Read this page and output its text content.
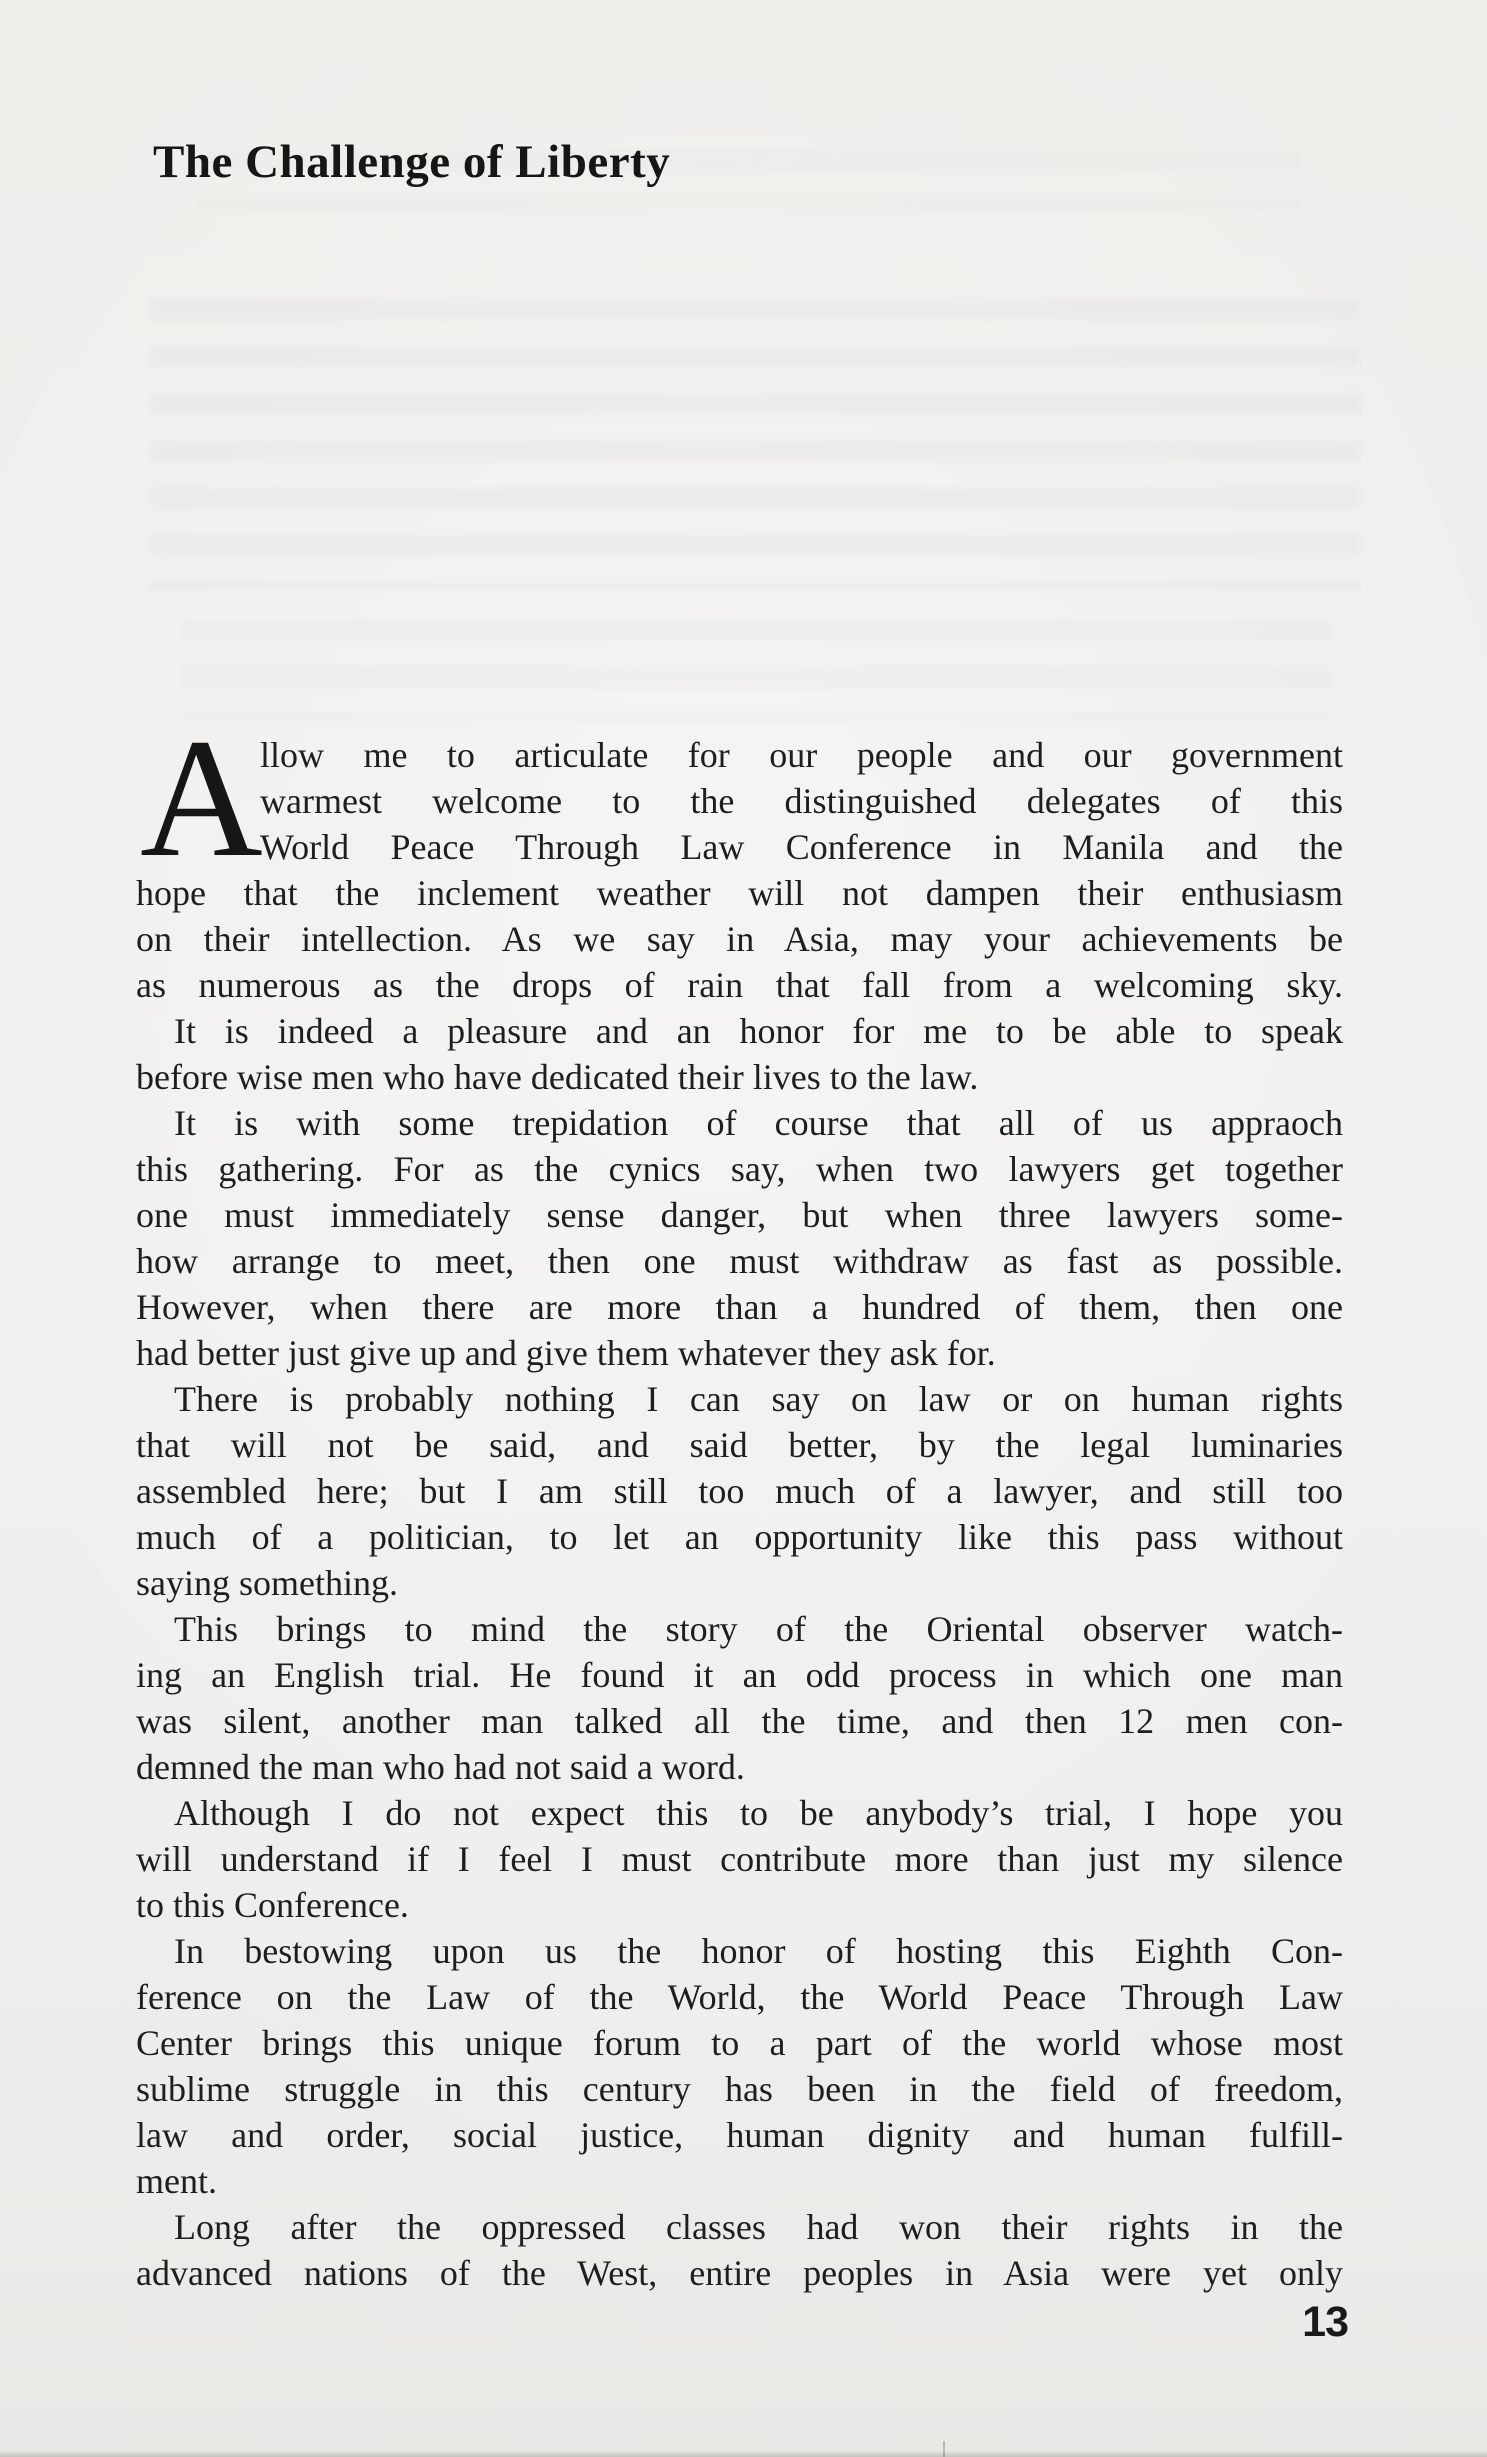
The Challenge of Liberty
A
llow me to articulate for our people and our government
warmest welcome to the distinguished delegates of this
World Peace Through Law Conference in Manila and the
hope that the inclement weather will not dampen their enthusiasm
on their intellection. As we say in Asia, may your achievements be
as numerous as the drops of rain that fall from a welcoming sky.
It is indeed a pleasure and an honor for me to be able to speak
before wise men who have dedicated their lives to the law.
It is with some trepidation of course that all of us appraoch
this gathering. For as the cynics say, when two lawyers get together
one must immediately sense danger, but when three lawyers some-
how arrange to meet, then one must withdraw as fast as possible.
However, when there are more than a hundred of them, then one
had better just give up and give them whatever they ask for.
There is probably nothing I can say on law or on human rights
that will not be said, and said better, by the legal luminaries
assembled here; but I am still too much of a lawyer, and still too
much of a politician, to let an opportunity like this pass without
saying something.
This brings to mind the story of the Oriental observer watch-
ing an English trial. He found it an odd process in which one man
was silent, another man talked all the time, and then 12 men con-
demned the man who had not said a word.
Although I do not expect this to be anybody’s trial, I hope you
will understand if I feel I must contribute more than just my silence
to this Conference.
In bestowing upon us the honor of hosting this Eighth Con-
ference on the Law of the World, the World Peace Through Law
Center brings this unique forum to a part of the world whose most
sublime struggle in this century has been in the field of freedom,
law and order, social justice, human dignity and human fulfill-
ment.
Long after the oppressed classes had won their rights in the
advanced nations of the West, entire peoples in Asia were yet only
13
